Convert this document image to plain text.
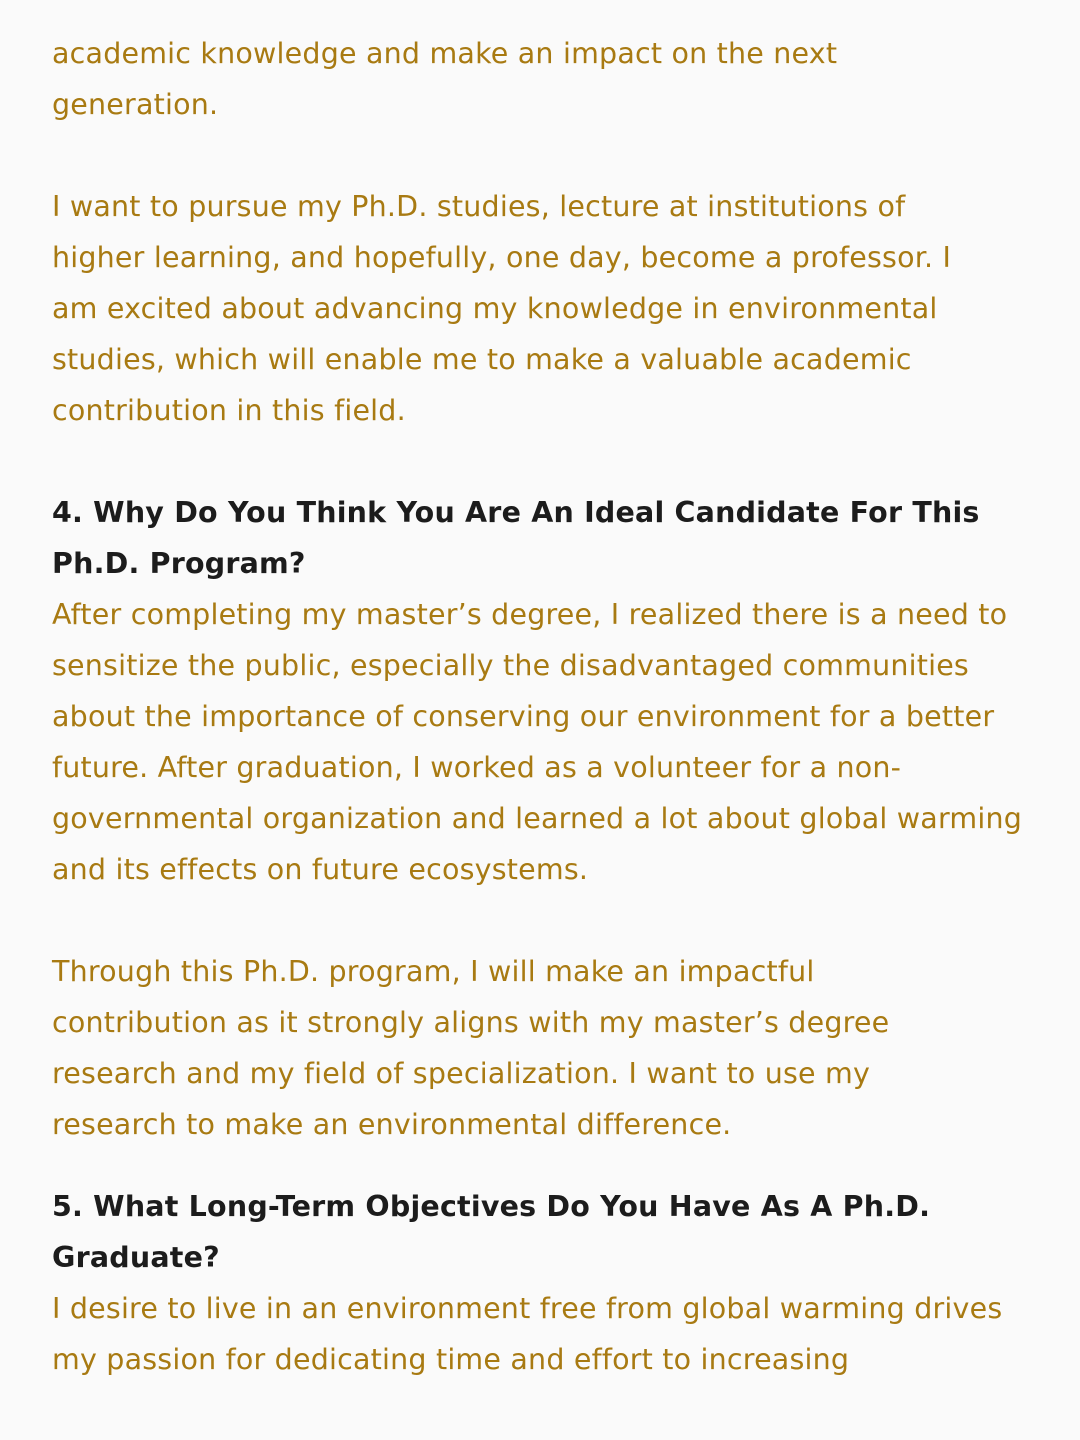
academic knowledge and make an impact on the next generation.

I want to pursue my Ph.D. studies, lecture at institutions of higher learning, and hopefully, one day, become a professor. I am excited about advancing my knowledge in environmental studies, which will enable me to make a valuable academic contribution in this field.

4. Why Do You Think You Are An Ideal Candidate For This Ph.D. Program?

After completing my master’s degree, I realized there is a need to sensitize the public, especially the disadvantaged communities about the importance of conserving our environment for a better future. After graduation, I worked as a volunteer for a non-governmental organization and learned a lot about global warming and its effects on future ecosystems.

Through this Ph.D. program, I will make an impactful contribution as it strongly aligns with my master’s degree research and my field of specialization. I want to use my research to make an environmental difference.

5. What Long-Term Objectives Do You Have As A Ph.D. Graduate?

I desire to live in an environment free from global warming drives my passion for dedicating time and effort to increasing
